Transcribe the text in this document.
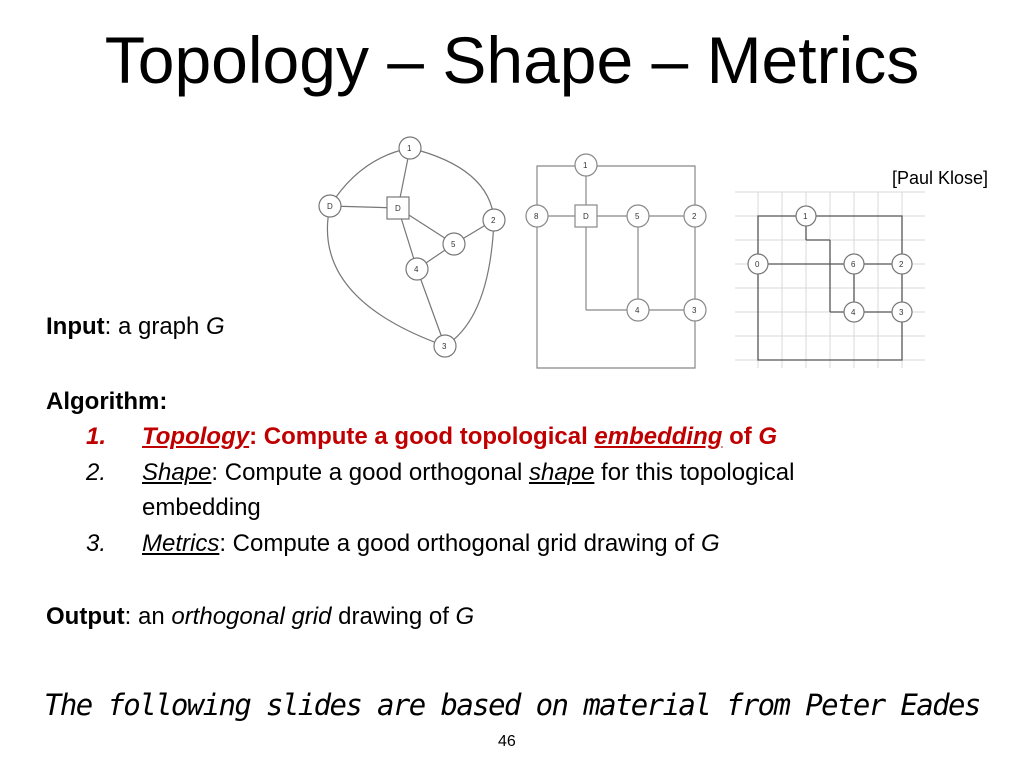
Topology – Shape – Metrics
[Paul Klose]
1
D	D
2
5
4
3
1
8	D	5	2
4	3
1
0	6	2
4	3
Input: a graph G
Algorithm:
1. Topology: Compute a good topological embedding of G
2. Shape: Compute a good orthogonal shape for this topological
embedding
3. Metrics: Compute a good orthogonal grid drawing of G
Output: an orthogonal grid drawing of G
The following slides are based on material from Peter Eades
46
